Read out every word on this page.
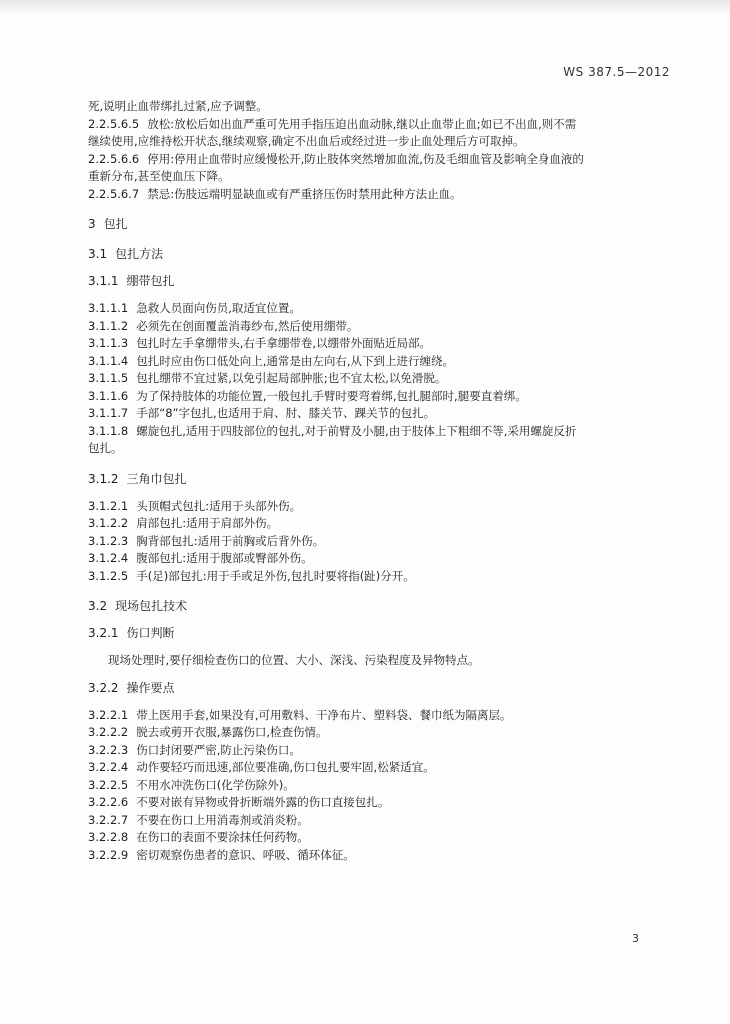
WS 387.5—2012
死,说明止血带绑扎过紧,应予调整。
2.2.5.6.5 放松:放松后如出血严重可先用手指压迫出血动脉,继以止血带止血;如已不出血,则不需
继续使用,应维持松开状态,继续观察,确定不出血后或经过进一步止血处理后方可取掉。
2.2.5.6.6 停用:停用止血带时应缓慢松开,防止肢体突然增加血流,伤及毛细血管及影响全身血液的
重新分布,甚至使血压下降。
2.2.5.6.7 禁忌:伤肢远端明显缺血或有严重挤压伤时禁用此种方法止血。
3 包扎
3.1 包扎方法
3.1.1 绷带包扎
3.1.1.1 急救人员面向伤员,取适宜位置。
3.1.1.2 必须先在创面覆盖消毒纱布,然后使用绷带。
3.1.1.3 包扎时左手拿绷带头,右手拿绷带卷,以绷带外面贴近局部。
3.1.1.4 包扎时应由伤口低处向上,通常是由左向右,从下到上进行缠绕。
3.1.1.5 包扎绷带不宜过紧,以免引起局部肿胀;也不宜太松,以免滑脱。
3.1.1.6 为了保持肢体的功能位置,一般包扎手臂时要弯着绑,包扎腿部时,腿要直着绑。
3.1.1.7 手部“8”字包扎,也适用于肩、肘、膝关节、踝关节的包扎。
3.1.1.8 螺旋包扎,适用于四肢部位的包扎,对于前臂及小腿,由于肢体上下粗细不等,采用螺旋反折
包扎。
3.1.2 三角巾包扎
3.1.2.1 头顶帽式包扎:适用于头部外伤。
3.1.2.2 肩部包扎:适用于肩部外伤。
3.1.2.3 胸背部包扎:适用于前胸或后背外伤。
3.1.2.4 腹部包扎:适用于腹部或臀部外伤。
3.1.2.5 手(足)部包扎:用于手或足外伤,包扎时要将指(趾)分开。
3.2 现场包扎技术
3.2.1 伤口判断
现场处理时,要仔细检查伤口的位置、大小、深浅、污染程度及异物特点。
3.2.2 操作要点
3.2.2.1 带上医用手套,如果没有,可用敷料、干净布片、塑料袋、餐巾纸为隔离层。
3.2.2.2 脱去或剪开衣服,暴露伤口,检查伤情。
3.2.2.3 伤口封闭要严密,防止污染伤口。
3.2.2.4 动作要轻巧而迅速,部位要准确,伤口包扎要牢固,松紧适宜。
3.2.2.5 不用水冲洗伤口(化学伤除外)。
3.2.2.6 不要对嵌有异物或骨折断端外露的伤口直接包扎。
3.2.2.7 不要在伤口上用消毒剂或消炎粉。
3.2.2.8 在伤口的表面不要涂抹任何药物。
3.2.2.9 密切观察伤患者的意识、呼吸、循环体征。
3
